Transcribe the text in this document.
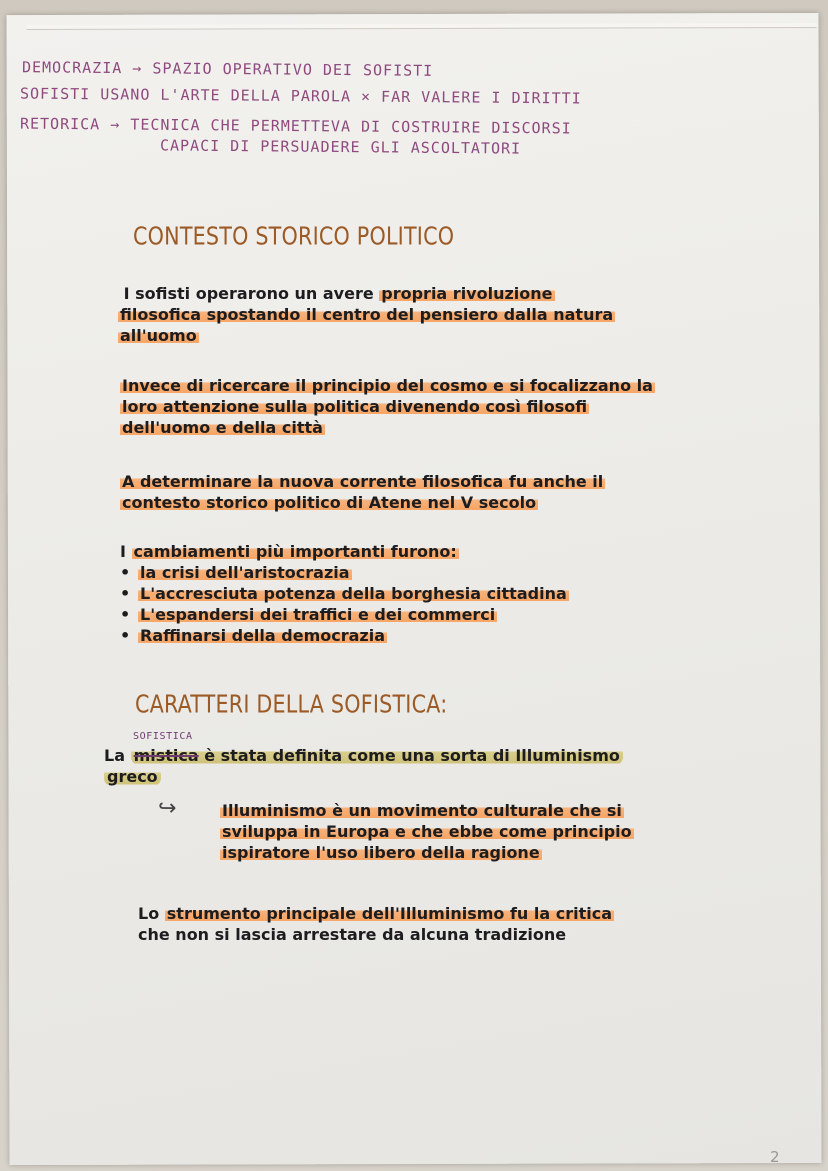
DEMOCRAZIA → SPAZIO OPERATIVO DEI SOFISTI
SOFISTI USANO L'ARTE DELLA PAROLA × FAR VALERE I DIRITTI
RETORICA → TECNICA CHE PERMETTEVA DI COSTRUIRE DISCORSI
CAPACI DI PERSUADERE GLI ASCOLTATORI
CONTESTO STORICO POLITICO
I sofisti operarono un avere propria rivoluzione
filosofica spostando il centro del pensiero dalla natura
all'uomo
Invece di ricercare il principio del cosmo e si focalizzano la
loro attenzione sulla politica divenendo così filosofi
dell'uomo e della città
A determinare la nuova corrente filosofica fu anche il
contesto storico politico di Atene nel V secolo
I cambiamenti più importanti furono:
• la crisi dell'aristocrazia
• L'accresciuta potenza della borghesia cittadina
• L'espandersi dei traffici e dei commerci
• Raffinarsi della democrazia
CARATTERI DELLA SOFISTICA:
SOFISTICA
La mistica è stata definita come una sorta di Illuminismo
greco
↪	Illuminismo è un movimento culturale che si
sviluppa in Europa e che ebbe come principio
ispiratore l'uso libero della ragione
Lo strumento principale dell'Illuminismo fu la critica
che non si lascia arrestare da alcuna tradizione
2
